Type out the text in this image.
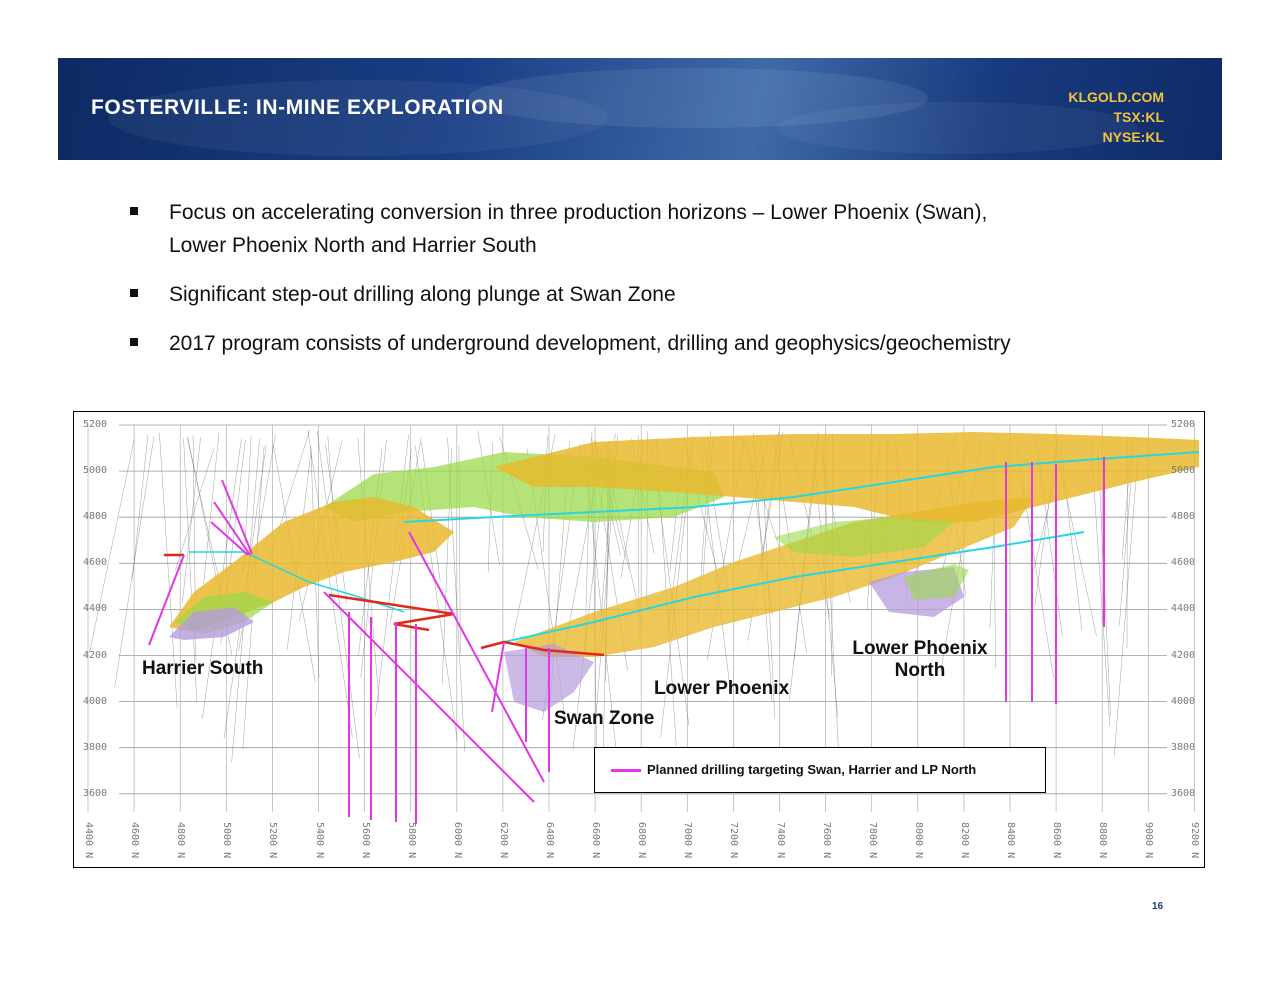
FOSTERVILLE: IN-MINE EXPLORATION	KLGOLD.COM
TSX:KL
NYSE:KL
Focus on accelerating conversion in three production horizons – Lower Phoenix (Swan),
Lower Phoenix North and Harrier South
Significant step-out drilling along plunge at Swan Zone
2017 program consists of underground development, drilling and geophysics/geochemistry
5200
5000
4800
4600
4400
4200
4000
3800
3600
5200
5000
4800
4600
4400
4200
4000
3800
3600
4400 N	4600 N	4800 N	5000 N	5200 N	5400 N	5600 N	5800 N	6000 N	6200 N	6400 N	6600 N	6800 N	7000 N	7200 N	7400 N	7600 N	7800 N	8000 N	8200 N	8400 N	8600 N	8800 N	9000 N	9200 N
Harrier South
Lower Phoenix
Lower Phoenix
North
Swan Zone
Planned drilling targeting Swan, Harrier and LP North
16
